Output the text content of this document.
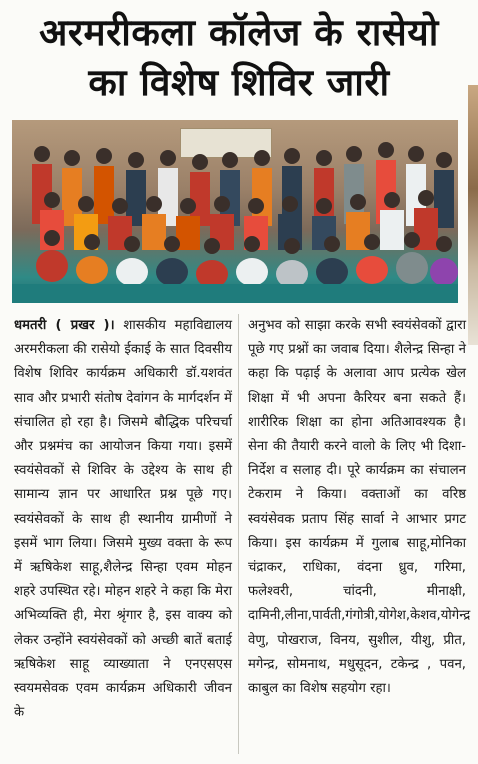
अरमरीकला कॉलेज के रासेयो
का विशेष शिविर जारी
धमतरी ( प्रखर )। शासकीय महाविद्यालय अरमरीकला की रासेयो ईकाई के सात दिवसीय विशेष शिविर कार्यक्रम अधिकारी डॉ.यशवंत साव और प्रभारी संतोष देवांगन के मार्गदर्शन में संचालित हो रहा है। जिसमे बौद्धिक परिचर्चा और प्रश्नमंच का आयोजन किया गया। इसमें स्वयंसेवकों से शिविर के उद्देश्य के साथ ही सामान्य ज्ञान पर आधारित प्रश्न पूछे गए। स्वयंसेवकों के साथ ही स्थानीय ग्रामीणों ने इसमें भाग लिया। जिसमे मुख्य वक्ता के रूप में ऋषिकेश साहू,शैलेन्द्र सिन्हा एवम मोहन शहरे उपस्थित रहे। मोहन शहरे ने कहा कि मेरा अभिव्यक्ति ही, मेरा श्रृंगार है, इस वाक्य को लेकर उन्होंने स्वयंसेवकों को अच्छी बातें बताई ऋषिकेश साहू व्याख्याता ने एनएसएस स्वयमसेवक एवम कार्यक्रम अधिकारी जीवन के
अनुभव को साझा करके सभी स्वयंसेवकों द्वारा पूछे गए प्रश्नों का जवाब दिया। शैलेन्द्र सिन्हा ने कहा कि पढ़ाई के अलावा आप प्रत्येक खेल शिक्षा में भी अपना कैरियर बना सकते हैं। शारीरिक शिक्षा का होना अतिआवश्यक है। सेना की तैयारी करने वालो के लिए भी दिशा-निर्देश व सलाह दी। पूरे कार्यक्रम का संचालन टेकराम ने किया। वक्ताओं का वरिष्ठ स्वयंसेवक प्रताप सिंह सार्वा ने आभार प्रगट किया। इस कार्यक्रम में गुलाब साहू,मोनिका चंद्राकर, राधिका, वंदना ध्रुव, गरिमा, फलेश्वरी, चांदनी, मीनाक्षी, दामिनी,लीना,पार्वती,गंगोत्री,योगेश,केशव,योगेन्द्र वेणु, पोखराज, विनय, सुशील, यीशु, प्रीत, मगेन्द्र, सोमनाथ, मधुसूदन, टकेन्द्र , पवन, काबुल का विशेष सहयोग रहा।
